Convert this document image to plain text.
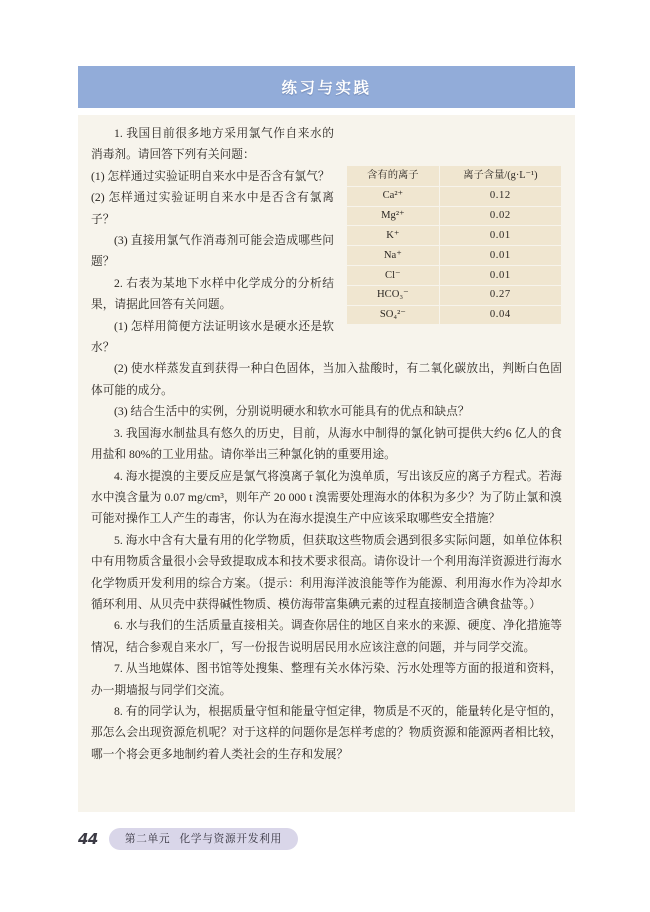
练习与实践
含有的离子	离子含量/(g·L⁻¹)
Ca²⁺	0.12
Mg²⁺	0.02
K⁺	0.01
Na⁺	0.01
Cl⁻	0.01
HCO₃⁻	0.27
SO₄²⁻	0.04

1. 我国目前很多地方采用氯气作自来水的消毒剂。请回答下列有关问题：

(1) 怎样通过实验证明自来水中是否含有氯气？

(2) 怎样通过实验证明自来水中是否含有氯离子？

(3) 直接用氯气作消毒剂可能会造成哪些问题？

2. 右表为某地下水样中化学成分的分析结果，请据此回答有关问题。

(1) 怎样用简便方法证明该水是硬水还是软水？

(2) 使水样蒸发直到获得一种白色固体，当加入盐酸时，有二氧化碳放出，判断白色固体可能的成分。

(3) 结合生活中的实例，分别说明硬水和软水可能具有的优点和缺点？

3. 我国海水制盐具有悠久的历史，目前，从海水中制得的氯化钠可提供大约6 亿人的食用盐和 80%的工业用盐。请你举出三种氯化钠的重要用途。

4. 海水提溴的主要反应是氯气将溴离子氧化为溴单质，写出该反应的离子方程式。若海水中溴含量为 0.07 mg/cm³，则年产 20 000 t 溴需要处理海水的体积为多少？为了防止氯和溴可能对操作工人产生的毒害，你认为在海水提溴生产中应该采取哪些安全措施？

5. 海水中含有大量有用的化学物质，但获取这些物质会遇到很多实际问题，如单位体积中有用物质含量很小会导致提取成本和技术要求很高。请你设计一个利用海洋资源进行海水化学物质开发利用的综合方案。（提示：利用海洋波浪能等作为能源、利用海水作为冷却水循环利用、从贝壳中获得碱性物质、模仿海带富集碘元素的过程直接制造含碘食盐等。）

6. 水与我们的生活质量直接相关。调查你居住的地区自来水的来源、硬度、净化措施等情况，结合参观自来水厂，写一份报告说明居民用水应该注意的问题，并与同学交流。

7. 从当地媒体、图书馆等处搜集、整理有关水体污染、污水处理等方面的报道和资料，办一期墙报与同学们交流。

8. 有的同学认为，根据质量守恒和能量守恒定律，物质是不灭的，能量转化是守恒的，那怎么会出现资源危机呢？对于这样的问题你是怎样考虑的？物质资源和能源两者相比较，哪一个将会更多地制约着人类社会的生存和发展？

44	第二单元 化学与资源开发利用
